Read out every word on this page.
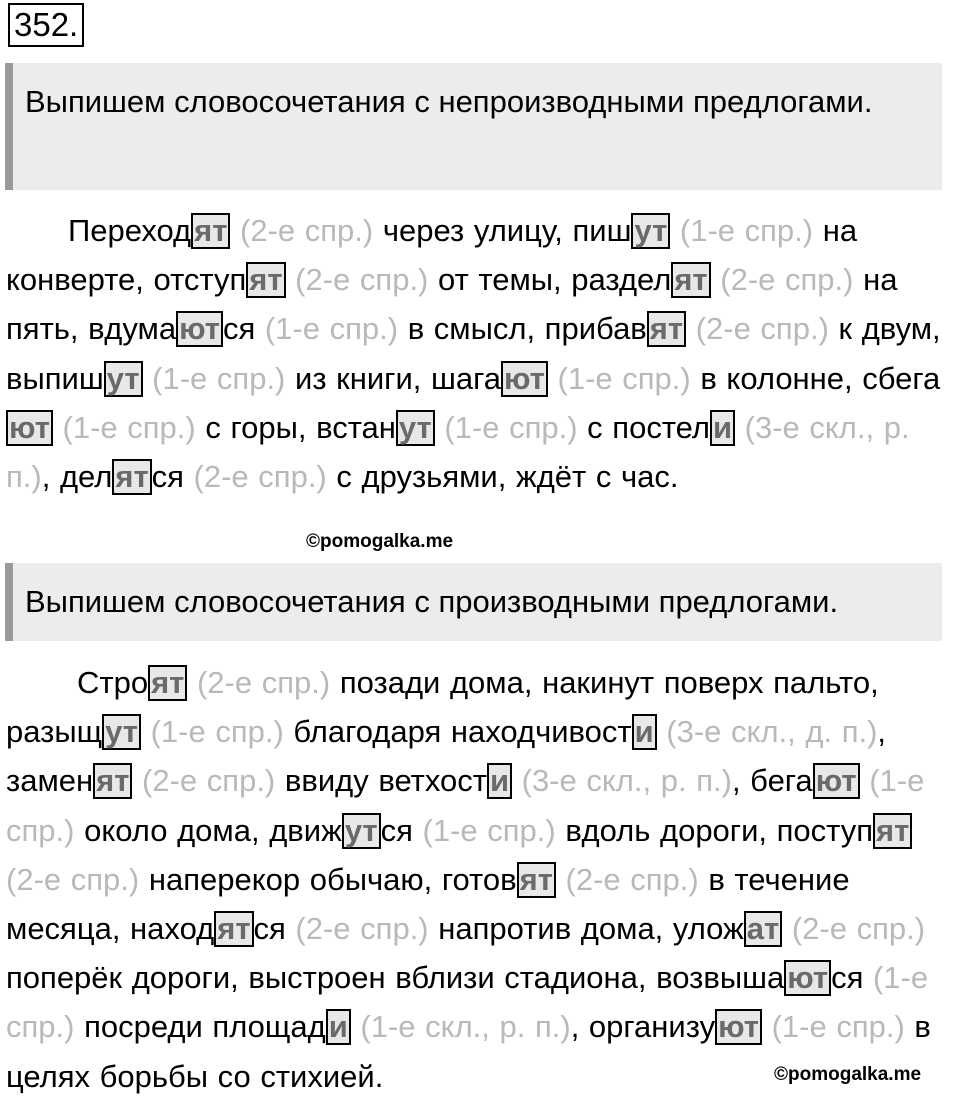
352.
Выпишем словосочетания с непроизводными предлогами.

Переходят (2-е спр.) через улицу, пишут (1-е спр.) на конверте, отступят (2-е спр.) от темы, разделят (2-е спр.) на пять, вдумаются (1-е спр.) в смысл, прибавят (2-е спр.) к двум, выпишут (1-е спр.) из книги, шагают (1-е спр.) в колонне, сбегают (1-е спр.) с горы, встанут (1-е спр.) с постели (3-е скл., р. п.), делятся (2-е спр.) с друзьями, ждёт с час.

©pomogalka.me
Выпишем словосочетания с производными предлогами.

Строят (2-е спр.) позади дома, накинут поверх пальто, разыщут (1-е спр.) благодаря находчивости (3-е скл., д. п.), заменят (2-е спр.) ввиду ветхости (3-е скл., р. п.), бегают (1-е спр.) около дома, движутся (1-е спр.) вдоль дороги, поступят (2-е спр.) наперекор обычаю, готовят (2-е спр.) в течение месяца, находятся (2-е спр.) напротив дома, уложат (2-е спр.) поперёк дороги, выстроен вблизи стадиона, возвышаются (1-е спр.) посреди площади (1-е скл., р. п.), организуют (1-е спр.) в целях борьбы со стихией.	©pomogalka.me
